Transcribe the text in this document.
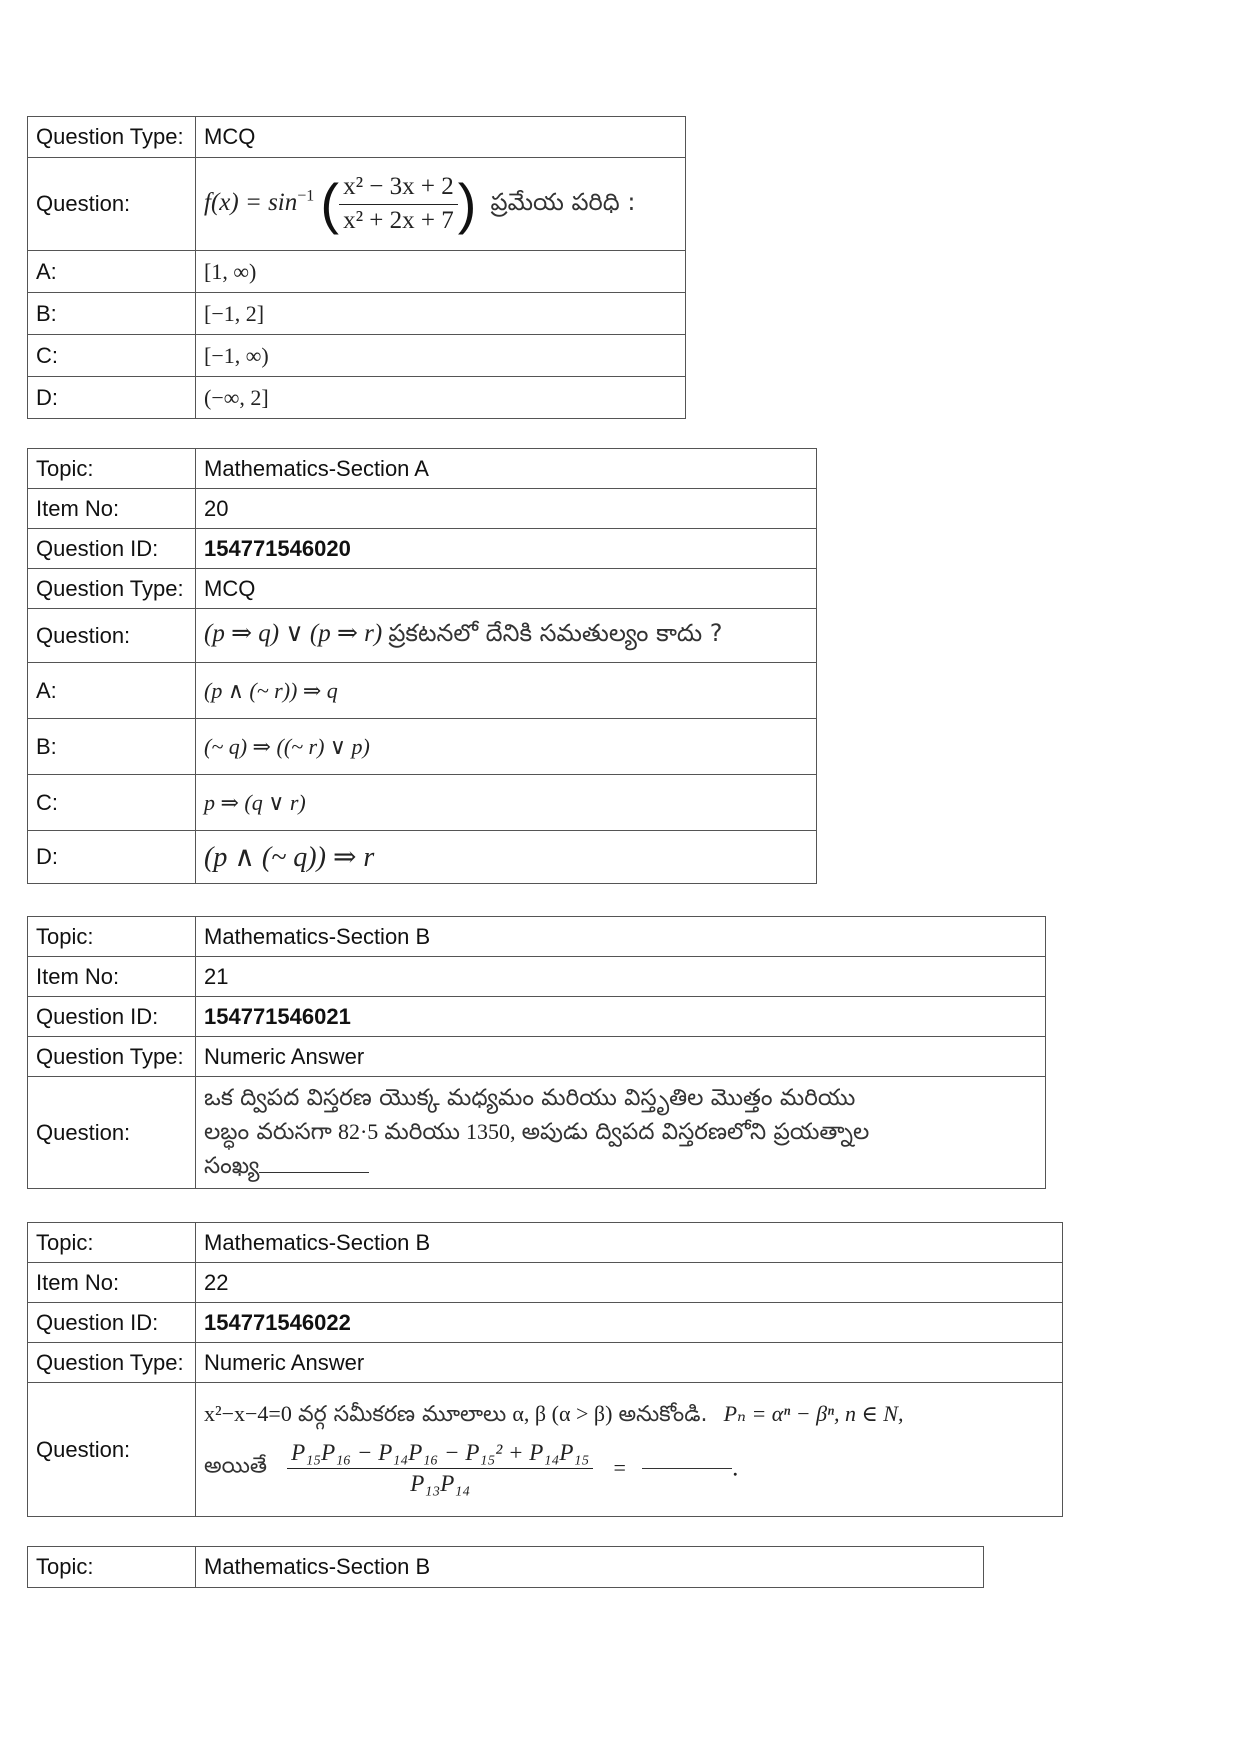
Question Type:	MCQ
Question:	$f(x) = \sin^{-1}$ ( $\frac{\text{x² − 3x + 2}}{\text{x² + 2x + 7}}$ ) ప్రమేయ పరిధి :
A:	[1, ∞)
B:	[−1, 2]
C:	[−1, ∞)
D:	(−∞, 2]
Topic:	Mathematics-Section A
Item No:	20
Question ID:	154771546020
Question Type:	MCQ
Question:	(p ⇒ q) ∨ (p ⇒ r) ప్రకటనలో దేనికి సమతుల్యం కాదు ?
A:	(p ∧ (~ r)) ⇒ q
B:	(~ q) ⇒ ((~ r) ∨ p)
C:	p ⇒ (q ∨ r)
D:	(p ∧ (~ q)) ⇒ r
Topic:	Mathematics-Section B
Item No:	21
Question ID:	154771546021
Question Type:	Numeric Answer
Question:	ఒక ద్విపద విస్తరణ యొక్క మధ్యమం మరియు విస్తృతిల మొత్తం మరియు
లబ్ధం వరుసగా 82·5 మరియు 1350, అపుడు ద్విపద విస్తరణలోని ప్రయత్నాల
సంఖ్య
Topic:	Mathematics-Section B
Item No:	22
Question ID:	154771546022
Question Type:	Numeric Answer
Question:	x²−x−4=0 వర్గ సమీకరణ మూలాలు α, β (α > β) అనుకోండి. Pₙ = αⁿ − βⁿ, n ∈ N,
అయితే $\frac{\text{P₁₅P₁₆ − P₁₄P₁₆ − P₁₅² + P₁₄P₁₅}}{\text{P₁₃P₁₄}}$ = .
Topic:	Mathematics-Section B
